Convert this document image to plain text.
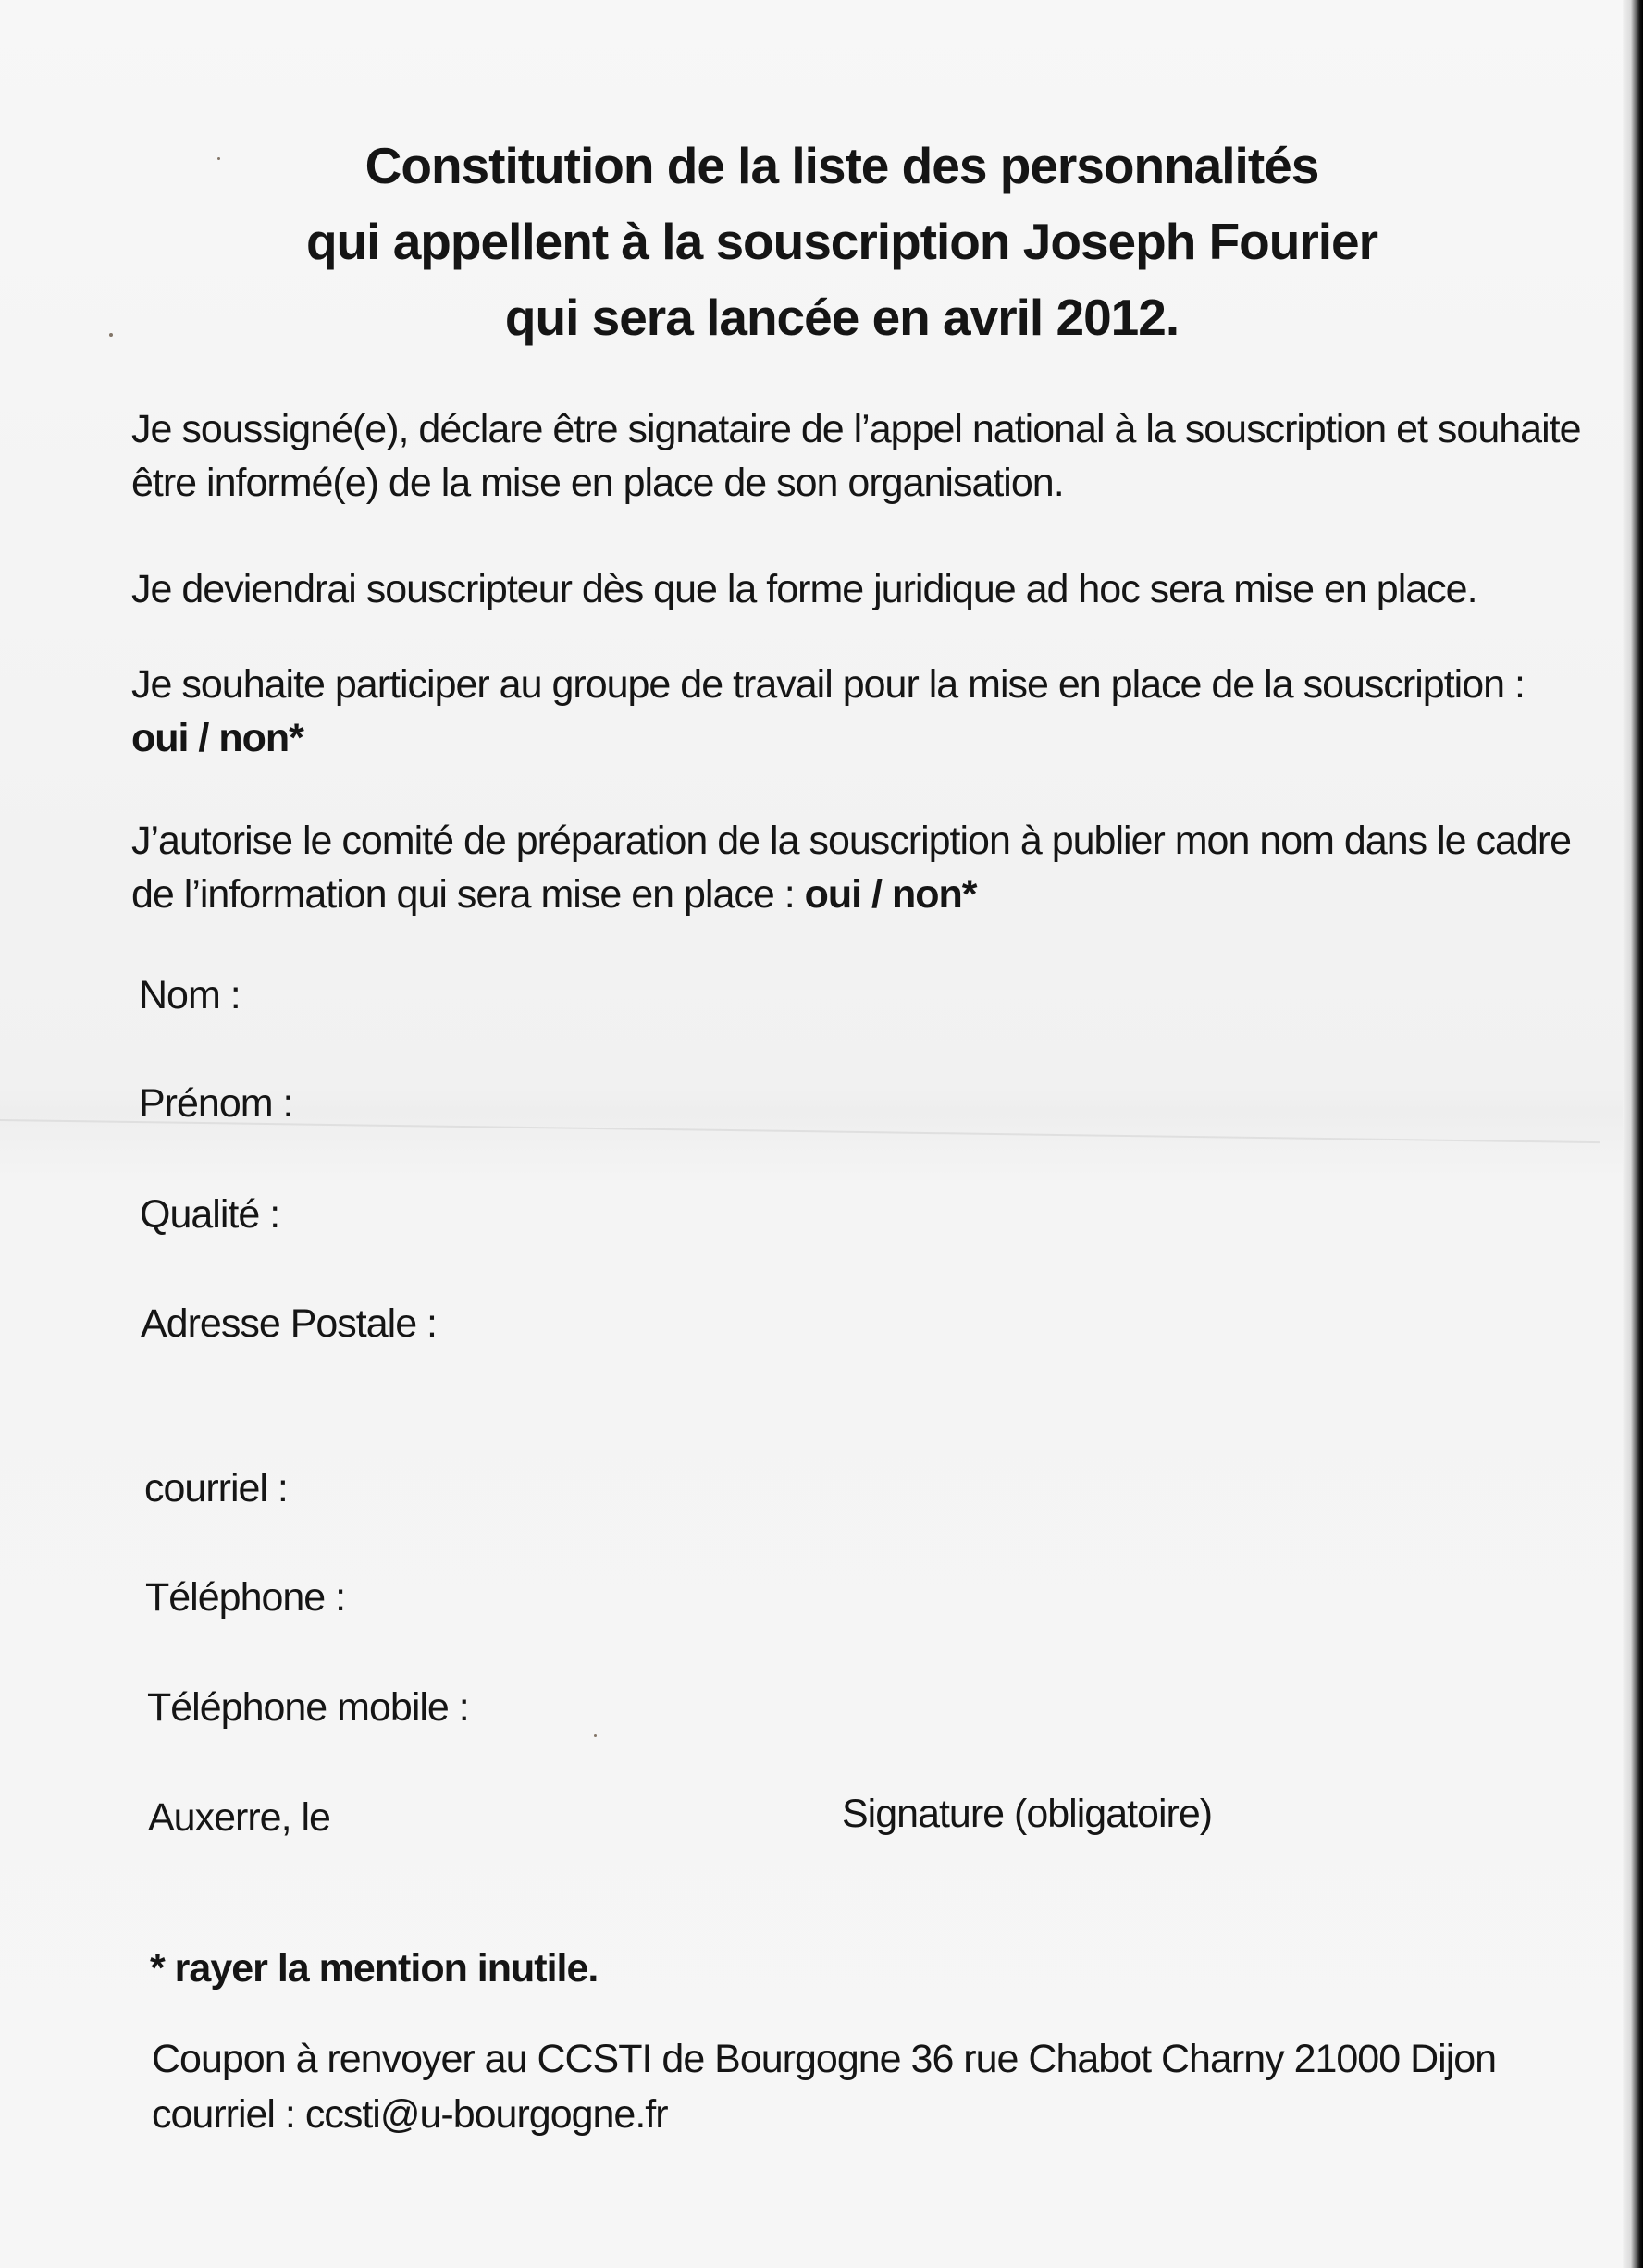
Constitution de la liste des personnalités
qui appellent à la souscription Joseph Fourier
qui sera lancée en avril 2012.
Je soussigné(e), déclare être signataire de l’appel national à la souscription et souhaite
être informé(e) de la mise en place de son organisation.
Je deviendrai souscripteur dès que la forme juridique ad hoc sera mise en place.
Je souhaite participer au groupe de travail pour la mise en place de la souscription :
oui / non*
J’autorise le comité de préparation de la souscription à publier mon nom dans le cadre
de l’information qui sera mise en place : oui / non*
Nom :
Prénom :
Qualité :
Adresse Postale :
courriel :
Téléphone :
Téléphone mobile :
Auxerre, le	Signature (obligatoire)
* rayer la mention inutile.
Coupon à renvoyer au CCSTI de Bourgogne 36 rue Chabot Charny 21000 Dijon
courriel : ccsti@u-bourgogne.fr
